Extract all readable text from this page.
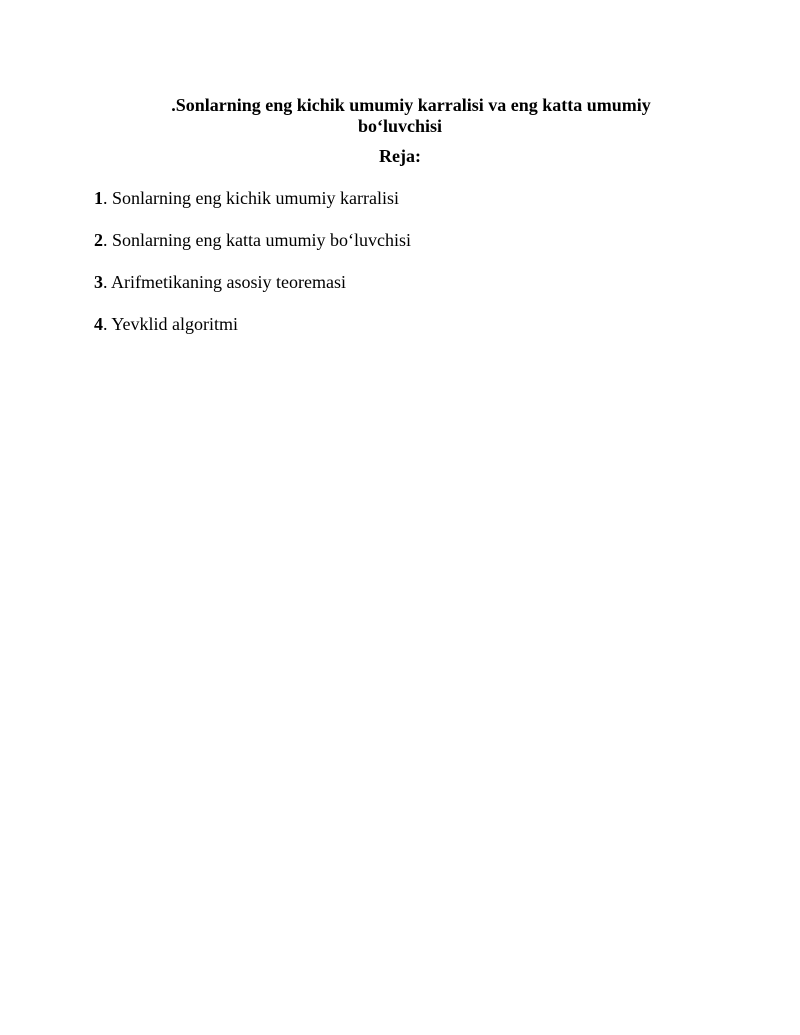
.Sonlarning eng kichik umumiy karralisi va eng katta umumiy
bo‘luvchisi
Reja:
1. Sonlarning eng kichik umumiy karralisi
2. Sonlarning eng katta umumiy bo‘luvchisi
3. Arifmetikaning asosiy teoremasi
4. Yevklid algoritmi
